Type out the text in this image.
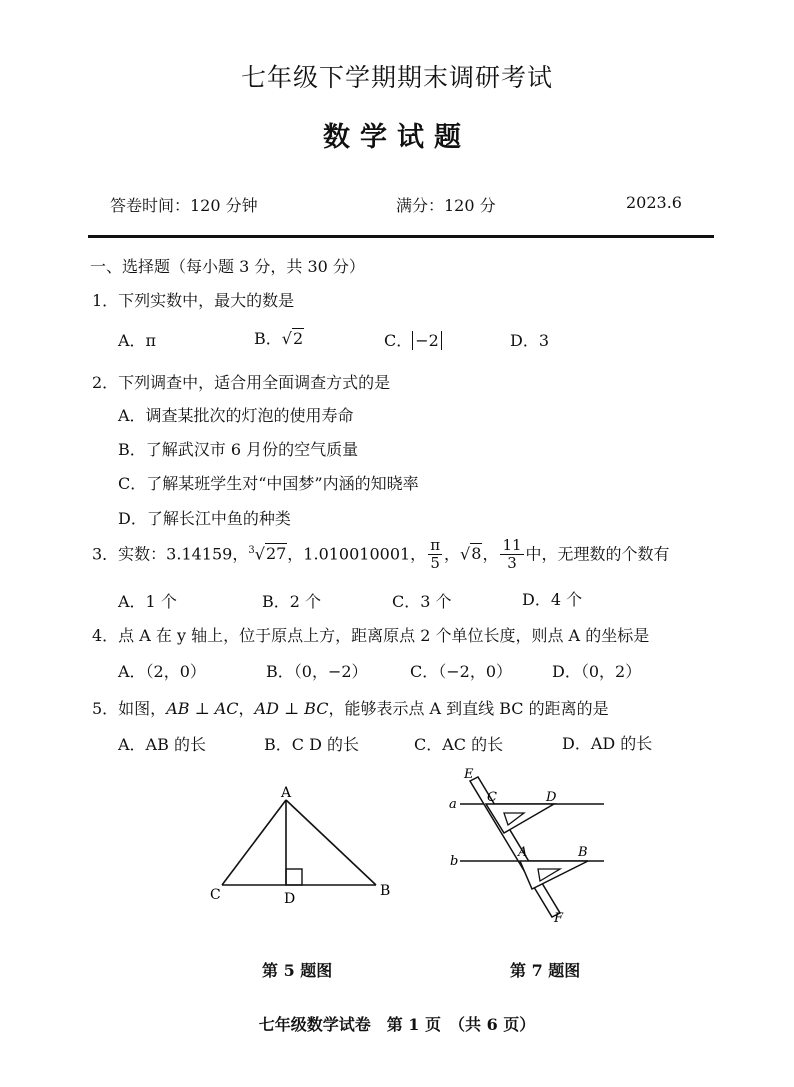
七年级下学期期末调研考试
数学试题
答卷时间：120 分钟	满分：120 分	2023.6
一、选择题（每小题 3 分，共 30 分）
1．下列实数中，最大的数是
A．π	B．√2	C． −2	D．3
2．下列调查中，适合用全面调查方式的是
A．调查某批次的灯泡的使用寿命
B．了解武汉市 6 月份的空气质量
C．了解某班学生对“中国梦”内涵的知晓率
D．了解长江中鱼的种类
3．实数：3.14159，$^3$√27，1.010010001， $\frac{\pi}{5}$ ，√8， $\frac{11}{3}$ 中，无理数的个数有
A．1 个	B．2 个	C．3 个	D．4 个
4．点 A 在 y 轴上，位于原点上方，距离原点 2 个单位长度，则点 A 的坐标是
A．（2，0）	B．（0，−2）	C．（−2，0） D．（0，2）
5．如图，AB ⊥ AC，AD ⊥ BC，能够表示点 A 到直线 BC 的距离的是
A．AB 的长	B．C D 的长	C．AC 的长	D．AD 的长
A
C	D	B
第 5 题图
E
a C	D
b
A	B
F
第 7 题图
七年级数学试卷　第 1 页　（共 6 页）
